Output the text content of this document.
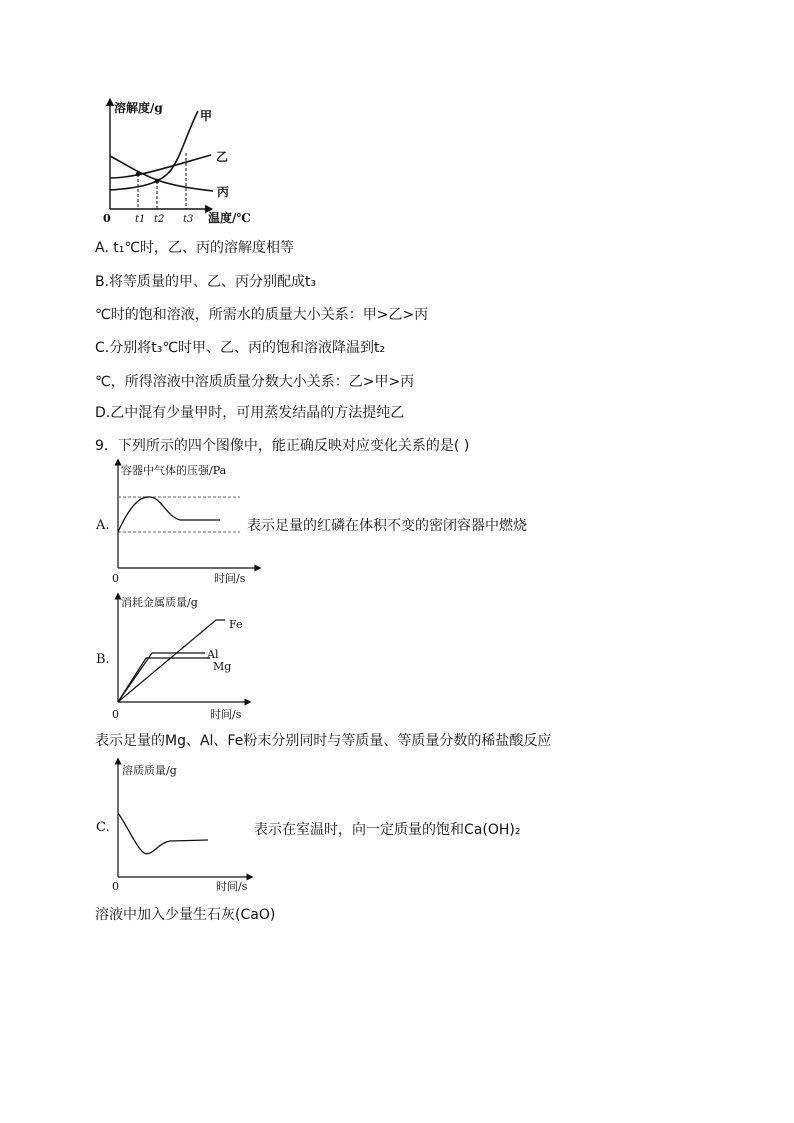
溶解度/g
温度/℃
0
甲
乙
丙
t1 t2 t3
A. t₁℃时，乙、丙的溶解度相等
B.将等质量的甲、乙、丙分别配成t₃
℃时的饱和溶液，所需水的质量大小关系：甲>乙>丙
C.分别将t₃℃时甲、乙、丙的饱和溶液降温到t₂
℃，所得溶液中溶质质量分数大小关系：乙>甲>丙
D.乙中混有少量甲时，可用蒸发结晶的方法提纯乙
9．下列所示的四个图像中，能正确反映对应变化关系的是( )
A.
容器中气体的压强/Pa
时间/s
0
表示足量的红磷在体积不变的密闭容器中燃烧
B.
消耗金属质量/g
时间/s
0
Fe
Al
Mg
表示足量的Mg、Al、Fe粉末分别同时与等质量、等质量分数的稀盐酸反应
C.
溶质质量/g
时间/s
0
表示在室温时，向一定质量的饱和Ca(OH)₂
溶液中加入少量生石灰(CaO)
